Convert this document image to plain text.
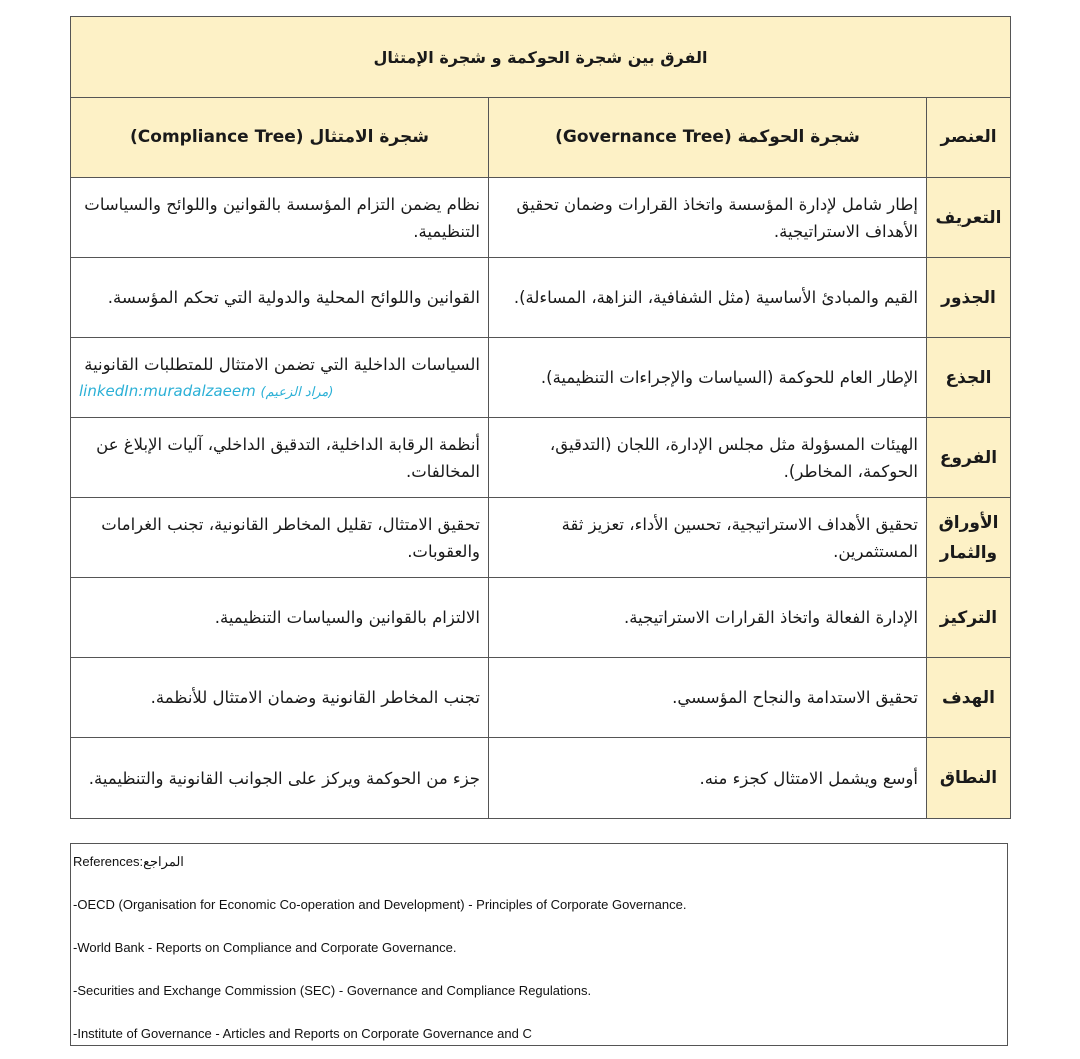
الفرق بين شجرة الحوكمة و شجرة الإمتثال		
العنصر	شجرة الحوكمة (Governance Tree)	شجرة الامتثال (Compliance Tree)
التعريف	إطار شامل لإدارة المؤسسة واتخاذ القرارات وضمان تحقيق الأهداف الاستراتيجية.	نظام يضمن التزام المؤسسة بالقوانين واللوائح والسياسات التنظيمية.
الجذور	القيم والمبادئ الأساسية (مثل الشفافية، النزاهة، المساءلة).	القوانين واللوائح المحلية والدولية التي تحكم المؤسسة.
الجذع	الإطار العام للحوكمة (السياسات والإجراءات التنظيمية).	السياسات الداخلية التي تضمن الامتثال للمتطلبات القانونية
linkedIn:muradalzaeem (مراد الزعيم)

الفروع	الهيئات المسؤولة مثل مجلس الإدارة، اللجان (التدقيق، الحوكمة، المخاطر).	أنظمة الرقابة الداخلية، التدقيق الداخلي، آليات الإبلاغ عن المخالفات.
الأوراق والثمار	تحقيق الأهداف الاستراتيجية، تحسين الأداء، تعزيز ثقة المستثمرين.	تحقيق الامتثال، تقليل المخاطر القانونية، تجنب الغرامات والعقوبات.
التركيز	الإدارة الفعالة واتخاذ القرارات الاستراتيجية.	الالتزام بالقوانين والسياسات التنظيمية.
الهدف	تحقيق الاستدامة والنجاح المؤسسي.	تجنب المخاطر القانونية وضمان الامتثال للأنظمة.
النطاق	أوسع ويشمل الامتثال كجزء منه.	جزء من الحوكمة ويركز على الجوانب القانونية والتنظيمية.
References:المراجع
-OECD (Organisation for Economic Co-operation and Development) - Principles of Corporate Governance.
-World Bank - Reports on Compliance and Corporate Governance.
-Securities and Exchange Commission (SEC) - Governance and Compliance Regulations.
-Institute of Governance - Articles and Reports on Corporate Governance and C
